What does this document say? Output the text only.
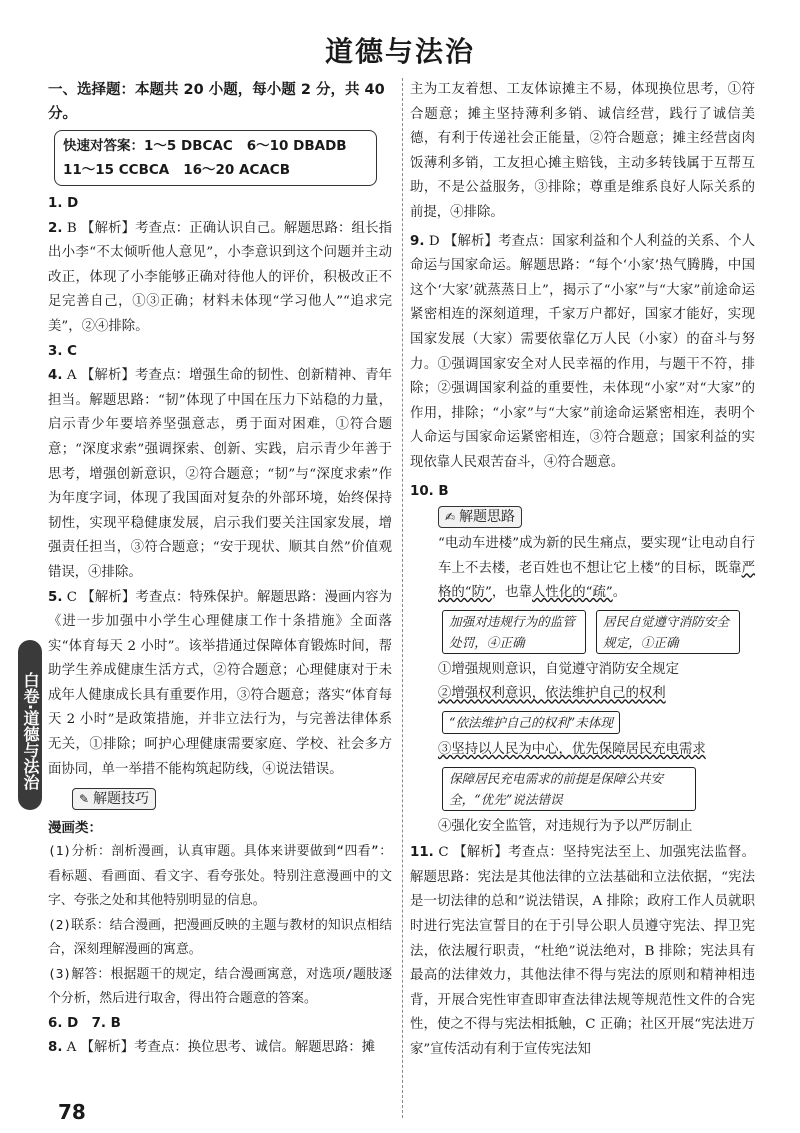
道德与法治
一、选择题：本题共 20 小题，每小题 2 分，共 40 分。
快速对答案：1～5 DBCAC 6～10 DBADB
11～15 CCBCA 16～20 ACACB

1. D

2. B 【解析】考查点：正确认识自己。解题思路：组长指出小李“不太倾听他人意见”，小李意识到这个问题并主动改正，体现了小李能够正确对待他人的评价，积极改正不足完善自己，①③正确；材料未体现“学习他人”“追求完美”，②④排除。

3. C

4. A 【解析】考查点：增强生命的韧性、创新精神、青年担当。解题思路：“韧”体现了中国在压力下站稳的力量，启示青少年要培养坚强意志，勇于面对困难，①符合题意；“深度求索”强调探索、创新、实践，启示青少年善于思考，增强创新意识，②符合题意；“韧”与“深度求索”作为年度字词，体现了我国面对复杂的外部环境，始终保持韧性，实现平稳健康发展，启示我们要关注国家发展，增强责任担当，③符合题意；“安于现状、顺其自然”价值观错误，④排除。

5. C 【解析】考查点：特殊保护。解题思路：漫画内容为《进一步加强中小学生心理健康工作十条措施》全面落实“体育每天 2 小时”。该举措通过保障体育锻炼时间，帮助学生养成健康生活方式，②符合题意；心理健康对于未成年人健康成长具有重要作用，③符合题意；落实“体育每天 2 小时”是政策措施，并非立法行为，与完善法律体系无关，①排除；呵护心理健康需要家庭、学校、社会多方面协同，单一举措不能构筑起防线，④说法错误。

✎ 解题技巧

漫画类：

(1)分析：剖析漫画，认真审题。具体来讲要做到“四看”：看标题、看画面、看文字、看夸张处。特别注意漫画中的文字、夸张之处和其他特别明显的信息。

(2)联系：结合漫画，把漫画反映的主题与教材的知识点相结合，深刻理解漫画的寓意。

(3)解答：根据题干的规定，结合漫画寓意，对选项/题肢逐个分析，然后进行取舍，得出符合题意的答案。

6. D　7. B

8. A 【解析】考查点：换位思考、诚信。解题思路：摊

主为工友着想、工友体谅摊主不易，体现换位思考，①符合题意；摊主坚持薄利多销、诚信经营，践行了诚信美德，有利于传递社会正能量，②符合题意；摊主经营卤肉饭薄利多销，工友担心摊主赔钱，主动多转钱属于互帮互助，不是公益服务，③排除；尊重是维系良好人际关系的前提，④排除。

9. D 【解析】考查点：国家利益和个人利益的关系、个人命运与国家命运。解题思路：“每个‘小家’热气腾腾，中国这个‘大家’就蒸蒸日上”，揭示了“小家”与“大家”前途命运紧密相连的深刻道理，千家万户都好，国家才能好，实现国家发展（大家）需要依靠亿万人民（小家）的奋斗与努力。①强调国家安全对人民幸福的作用，与题干不符，排除；②强调国家利益的重要性，未体现“小家”对“大家”的作用，排除；“小家”与“大家”前途命运紧密相连，表明个人命运与国家命运紧密相连，③符合题意；国家利益的实现依靠人民艰苦奋斗，④符合题意。

10. B

✍ 解题思路

“电动车进楼”成为新的民生痛点，要实现“让电动自行车上不去楼，老百姓也不想让它上楼”的目标，既靠严格的“防”，也靠人性化的“疏”。

加强对违规行为的监管处罚，④正确
居民自觉遵守消防安全规定，①正确

①增强规则意识，自觉遵守消防安全规定

②增强权利意识，依法维护自己的权利

“依法维护自己的权利”未体现

③坚持以人民为中心，优先保障居民充电需求

保障居民充电需求的前提是保障公共安全，“优先”说法错误

④强化安全监管，对违规行为予以严厉制止

11. C 【解析】考查点：坚持宪法至上、加强宪法监督。解题思路：宪法是其他法律的立法基础和立法依据，“宪法是一切法律的总和”说法错误，A 排除；政府工作人员就职时进行宪法宣誓目的在于引导公职人员遵守宪法、捍卫宪法，依法履行职责，“杜绝”说法绝对，B 排除；宪法具有最高的法律效力，其他法律不得与宪法的原则和精神相违背，开展合宪性审查即审查法律法规等规范性文件的合宪性，使之不得与宪法相抵触，C 正确；社区开展“宪法进万家”宣传活动有利于宣传宪法知

白卷·道德与法治
78
